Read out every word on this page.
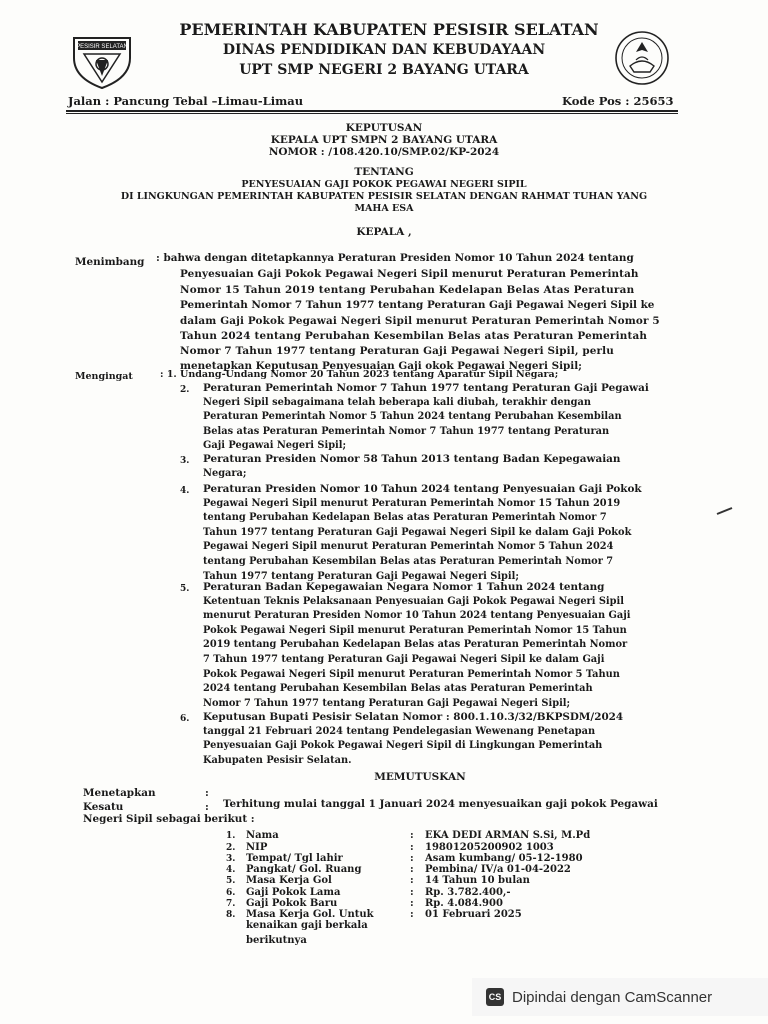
PESISIR SELATAN
PEMERINTAH KABUPATEN PESISIR SELATAN
DINAS PENDIDIKAN DAN KEBUDAYAAN
UPT SMP NEGERI 2 BAYANG UTARA
Jalan : Pancung Tebal –Limau-Limau	Kode Pos : 25653
KEPUTUSAN
KEPALA UPT SMPN 2 BAYANG UTARA
NOMOR : /108.420.10/SMP.02/KP-2024
TENTANG
PENYESUAIAN GAJI POKOK PEGAWAI NEGERI SIPIL
DI LINGKUNGAN PEMERINTAH KABUPATEN PESISIR SELATAN DENGAN RAHMAT TUHAN YANG
MAHA ESA
KEPALA ,
Menimbang : bahwa dengan ditetapkannya Peraturan Presiden Nomor 10 Tahun 2024 tentang
Penyesuaian Gaji Pokok Pegawai Negeri Sipil menurut Peraturan Pemerintah
Nomor 15 Tahun 2019 tentang Perubahan Kedelapan Belas Atas Peraturan
Pemerintah Nomor 7 Tahun 1977 tentang Peraturan Gaji Pegawai Negeri Sipil ke
dalam Gaji Pokok Pegawai Negeri Sipil menurut Peraturan Pemerintah Nomor 5
Tahun 2024 tentang Perubahan Kesembilan Belas atas Peraturan Pemerintah
Nomor 7 Tahun 1977 tentang Peraturan Gaji Pegawai Negeri Sipil, perlu
menetapkan Keputusan Penyesuaian Gaji okok Pegawai Negeri Sipil;
Mengingat	: 1. Undang-Undang Nomor 20 Tahun 2023 tentang Aparatur Sipil Negara;
2. Peraturan Pemerintah Nomor 7 Tahun 1977 tentang Peraturan Gaji Pegawai
Negeri Sipil sebagaimana telah beberapa kali diubah, terakhir dengan
Peraturan Pemerintah Nomor 5 Tahun 2024 tentang Perubahan Kesembilan
Belas atas Peraturan Pemerintah Nomor 7 Tahun 1977 tentang Peraturan
Gaji Pegawai Negeri Sipil;
3. Peraturan Presiden Nomor 58 Tahun 2013 tentang Badan Kepegawaian
Negara;
4. Peraturan Presiden Nomor 10 Tahun 2024 tentang Penyesuaian Gaji Pokok
Pegawai Negeri Sipil menurut Peraturan Pemerintah Nomor 15 Tahun 2019
tentang Perubahan Kedelapan Belas atas Peraturan Pemerintah Nomor 7
Tahun 1977 tentang Peraturan Gaji Pegawai Negeri Sipil ke dalam Gaji Pokok
Pegawai Negeri Sipil menurut Peraturan Pemerintah Nomor 5 Tahun 2024
tentang Perubahan Kesembilan Belas atas Peraturan Pemerintah Nomor 7
Tahun 1977 tentang Peraturan Gaji Pegawai Negeri Sipil;
5. Peraturan Badan Kepegawaian Negara Nomor 1 Tahun 2024 tentang
Ketentuan Teknis Pelaksanaan Penyesuaian Gaji Pokok Pegawai Negeri Sipil
menurut Peraturan Presiden Nomor 10 Tahun 2024 tentang Penyesuaian Gaji
Pokok Pegawai Negeri Sipil menurut Peraturan Pemerintah Nomor 15 Tahun
2019 tentang Perubahan Kedelapan Belas atas Peraturan Pemerintah Nomor
7 Tahun 1977 tentang Peraturan Gaji Pegawai Negeri Sipil ke dalam Gaji
Pokok Pegawai Negeri Sipil menurut Peraturan Pemerintah Nomor 5 Tahun
2024 tentang Perubahan Kesembilan Belas atas Peraturan Pemerintah
Nomor 7 Tahun 1977 tentang Peraturan Gaji Pegawai Negeri Sipil;
6. Keputusan Bupati Pesisir Selatan Nomor : 800.1.10.3/32/BKPSDM/2024
tanggal 21 Februari 2024 tentang Pendelegasian Wewenang Penetapan
Penyesuaian Gaji Pokok Pegawai Negeri Sipil di Lingkungan Pemerintah
Kabupaten Pesisir Selatan.
MEMUTUSKAN
Menetapkan	:
Kesatu	: Terhitung mulai tanggal 1 Januari 2024 menyesuaikan gaji pokok Pegawai
Negeri Sipil sebagai berikut :
1. Nama	: EKA DEDI ARMAN S.Si, M.Pd
2. NIP	: 19801205200902 1003
3. Tempat/ Tgl lahir	: Asam kumbang/ 05-12-1980
4. Pangkat/ Gol. Ruang	: Pembina/ IV/a 01-04-2022
5. Masa Kerja Gol	: 14 Tahun 10 bulan
6. Gaji Pokok Lama	: Rp. 3.782.400,-
7. Gaji Pokok Baru	: Rp. 4.084.900
8. Masa Kerja Gol. Untuk	: 01 Februari 2025
kenaikan gaji berkala
berikutnya
CS Dipindai dengan CamScanner
